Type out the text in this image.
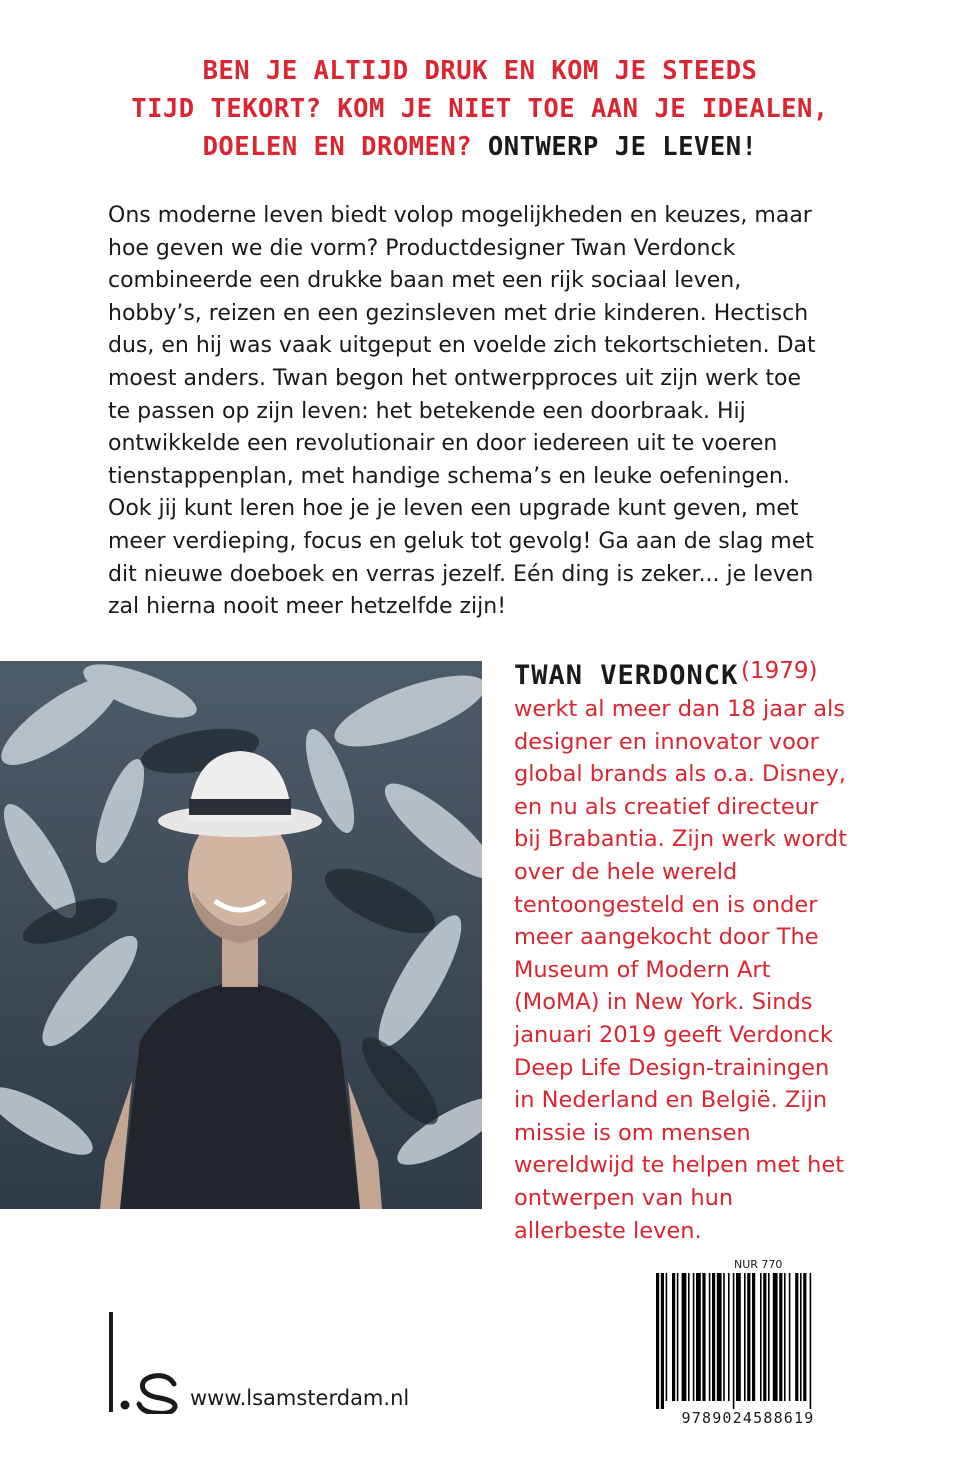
BEN JE ALTIJD DRUK EN KOM JE STEEDS
TIJD TEKORT? KOM JE NIET TOE AAN JE IDEALEN,
DOELEN EN DROMEN? ONTWERP JE LEVEN!
Ons moderne leven biedt volop mogelijkheden en keuzes, maar
hoe geven we die vorm? Productdesigner Twan Verdonck
combineerde een drukke baan met een rijk sociaal leven,
hobby’s, reizen en een gezinsleven met drie kinderen. Hectisch
dus, en hij was vaak uitgeput en voelde zich tekortschieten. Dat
moest anders. Twan begon het ontwerpproces uit zijn werk toe
te passen op zijn leven: het betekende een doorbraak. Hij
ontwikkelde een revolutionair en door iedereen uit te voeren
tienstappenplan, met handige schema’s en leuke oefeningen.
Ook jij kunt leren hoe je je leven een upgrade kunt geven, met
meer verdieping, focus en geluk tot gevolg! Ga aan de slag met
dit nieuwe doeboek en verras jezelf. Eén ding is zeker... je leven
zal hierna nooit meer hetzelfde zijn!
TWAN VERDONCK (1979)
werkt al meer dan 18 jaar als
designer en innovator voor
global brands als o.a. Disney,
en nu als creatief directeur
bij Brabantia. Zijn werk wordt
over de hele wereld
tentoongesteld en is onder
meer aangekocht door The
Museum of Modern Art
(MoMA) in New York. Sinds
januari 2019 geeft Verdonck
Deep Life Design-trainingen
in Nederland en België. Zijn
missie is om mensen
wereldwijd te helpen met het
ontwerpen van hun
allerbeste leven.
NUR 770
9789024588619
www.lsamsterdam.nl
